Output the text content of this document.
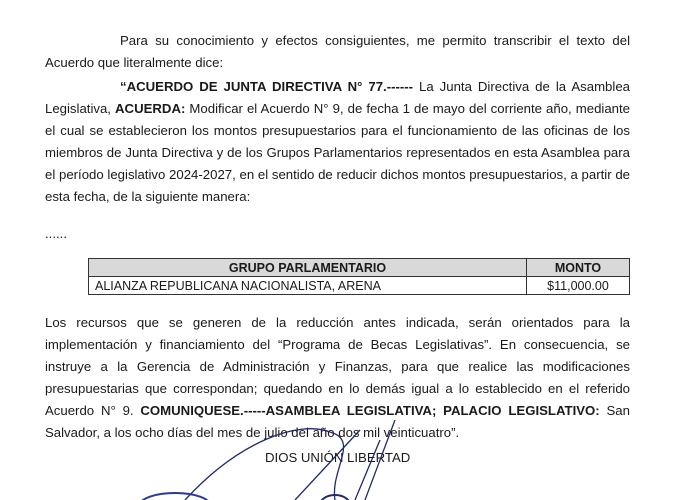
Para su conocimiento y efectos consiguientes, me permito transcribir el texto del Acuerdo que literalmente dice:
“ACUERDO DE JUNTA DIRECTIVA N° 77.------ La Junta Directiva de la Asamblea Legislativa, ACUERDA: Modificar el Acuerdo N° 9, de fecha 1 de mayo del corriente año, mediante el cual se establecieron los montos presupuestarios para el funcionamiento de las oficinas de los miembros de Junta Directiva y de los Grupos Parlamentarios representados en esta Asamblea para el período legislativo 2024-2027, en el sentido de reducir dichos montos presupuestarios, a partir de esta fecha, de la siguiente manera:
......
GRUPO PARLAMENTARIO	MONTO
ALIANZA REPUBLICANA NACIONALISTA, ARENA	$11,000.00
Los recursos que se generen de la reducción antes indicada, serán orientados para la implementación y financiamiento del “Programa de Becas Legislativas”. En consecuencia, se instruye a la Gerencia de Administración y Finanzas, para que realice las modificaciones presupuestarias que correspondan; quedando en lo demás igual a lo establecido en el referido Acuerdo N° 9. COMUNIQUESE.-----ASAMBLEA LEGISLATIVA; PALACIO LEGISLATIVO: San Salvador, a los ocho días del mes de julio del año dos mil veinticuatro”.
DIOS UNIÓN LIBERTAD
